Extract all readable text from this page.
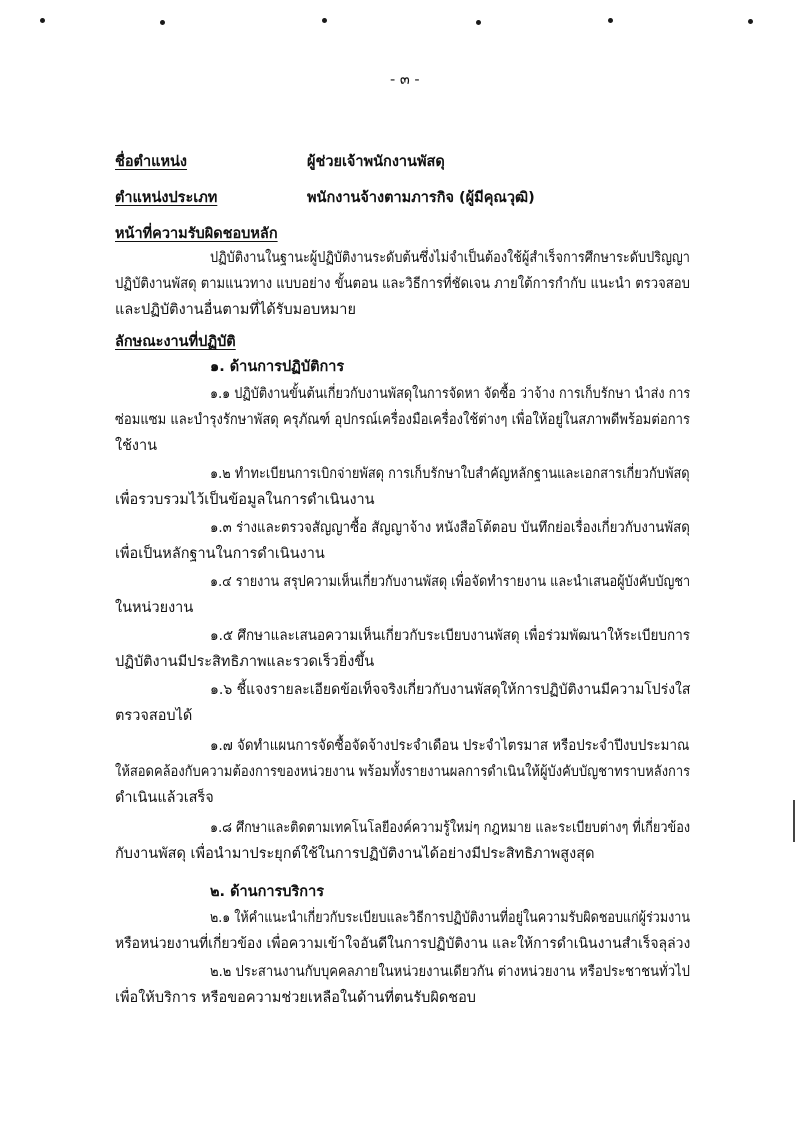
- ๓ -
ชื่อตำแหน่ง	ผู้ช่วยเจ้าพนักงานพัสดุ
ตำแหน่งประเภท	พนักงานจ้างตามภารกิจ (ผู้มีคุณวุฒิ)
หน้าที่ความรับผิดชอบหลัก
ปฏิบัติงานในฐานะผู้ปฏิบัติงานระดับต้นซึ่งไม่จำเป็นต้องใช้ผู้สำเร็จการศึกษาระดับปริญญา
ปฏิบัติงานพัสดุ ตามแนวทาง แบบอย่าง ขั้นตอน และวิธีการที่ชัดเจน ภายใต้การกำกับ แนะนำ ตรวจสอบ
และปฏิบัติงานอื่นตามที่ได้รับมอบหมาย
ลักษณะงานที่ปฏิบัติ
๑. ด้านการปฏิบัติการ
๑.๑ ปฏิบัติงานขั้นต้นเกี่ยวกับงานพัสดุในการจัดหา จัดซื้อ ว่าจ้าง การเก็บรักษา นำส่ง การ
ซ่อมแซม และบำรุงรักษาพัสดุ ครุภัณฑ์ อุปกรณ์เครื่องมือเครื่องใช้ต่างๆ เพื่อให้อยู่ในสภาพดีพร้อมต่อการ
ใช้งาน
๑.๒ ทำทะเบียนการเบิกจ่ายพัสดุ การเก็บรักษาใบสำคัญหลักฐานและเอกสารเกี่ยวกับพัสดุ
เพื่อรวบรวมไว้เป็นข้อมูลในการดำเนินงาน
๑.๓ ร่างและตรวจสัญญาซื้อ สัญญาจ้าง หนังสือโต้ตอบ บันทึกย่อเรื่องเกี่ยวกับงานพัสดุ
เพื่อเป็นหลักฐานในการดำเนินงาน
๑.๔ รายงาน สรุปความเห็นเกี่ยวกับงานพัสดุ เพื่อจัดทำรายงาน และนำเสนอผู้บังคับบัญชา
ในหน่วยงาน
๑.๕ ศึกษาและเสนอความเห็นเกี่ยวกับระเบียบงานพัสดุ เพื่อร่วมพัฒนาให้ระเบียบการ
ปฏิบัติงานมีประสิทธิภาพและรวดเร็วยิ่งขึ้น
๑.๖ ชี้แจงรายละเอียดข้อเท็จจริงเกี่ยวกับงานพัสดุให้การปฏิบัติงานมีความโปร่งใส
ตรวจสอบได้
๑.๗ จัดทำแผนการจัดซื้อจัดจ้างประจำเดือน ประจำไตรมาส หรือประจำปีงบประมาณ
ให้สอดคล้องกับความต้องการของหน่วยงาน พร้อมทั้งรายงานผลการดำเนินให้ผู้บังคับบัญชาทราบหลังการ
ดำเนินแล้วเสร็จ
๑.๘ ศึกษาและติดตามเทคโนโลยีองค์ความรู้ใหม่ๆ กฎหมาย และระเบียบต่างๆ ที่เกี่ยวข้อง
กับงานพัสดุ เพื่อนำมาประยุกต์ใช้ในการปฏิบัติงานได้อย่างมีประสิทธิภาพสูงสุด
๒. ด้านการบริการ
๒.๑ ให้คำแนะนำเกี่ยวกับระเบียบและวิธีการปฏิบัติงานที่อยู่ในความรับผิดชอบแก่ผู้ร่วมงาน
หรือหน่วยงานที่เกี่ยวข้อง เพื่อความเข้าใจอันดีในการปฏิบัติงาน และให้การดำเนินงานสำเร็จลุล่วง
๒.๒ ประสานงานกับบุคคลภายในหน่วยงานเดียวกัน ต่างหน่วยงาน หรือประชาชนทั่วไป
เพื่อให้บริการ หรือขอความช่วยเหลือในด้านที่ตนรับผิดชอบ
